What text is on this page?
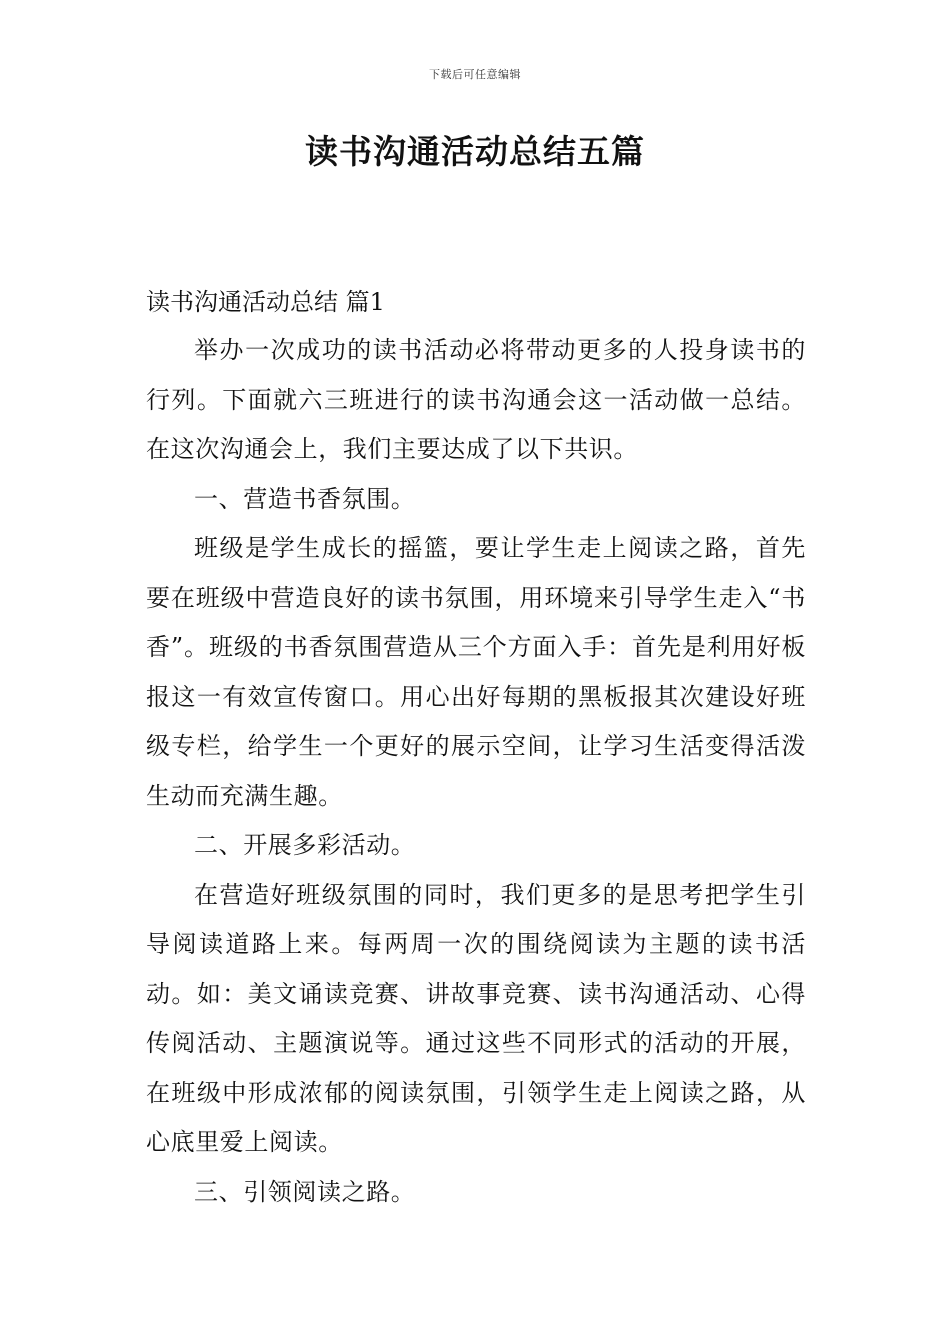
下载后可任意编辑
读书沟通活动总结五篇

读书沟通活动总结 篇1

举办一次成功的读书活动必将带动更多的人投身读书的行列。下面就六三班进行的读书沟通会这一活动做一总结。在这次沟通会上，我们主要达成了以下共识。

一、营造书香氛围。

班级是学生成长的摇篮，要让学生走上阅读之路，首先要在班级中营造良好的读书氛围，用环境来引导学生走入“书香”。班级的书香氛围营造从三个方面入手：首先是利用好板报这一有效宣传窗口。用心出好每期的黑板报其次建设好班级专栏，给学生一个更好的展示空间，让学习生活变得活泼生动而充满生趣。

二、开展多彩活动。

在营造好班级氛围的同时，我们更多的是思考把学生引导阅读道路上来。每两周一次的围绕阅读为主题的读书活动。如：美文诵读竞赛、讲故事竞赛、读书沟通活动、心得传阅活动、主题演说等。通过这些不同形式的活动的开展，在班级中形成浓郁的阅读氛围，引领学生走上阅读之路，从心底里爱上阅读。

三、引领阅读之路。
